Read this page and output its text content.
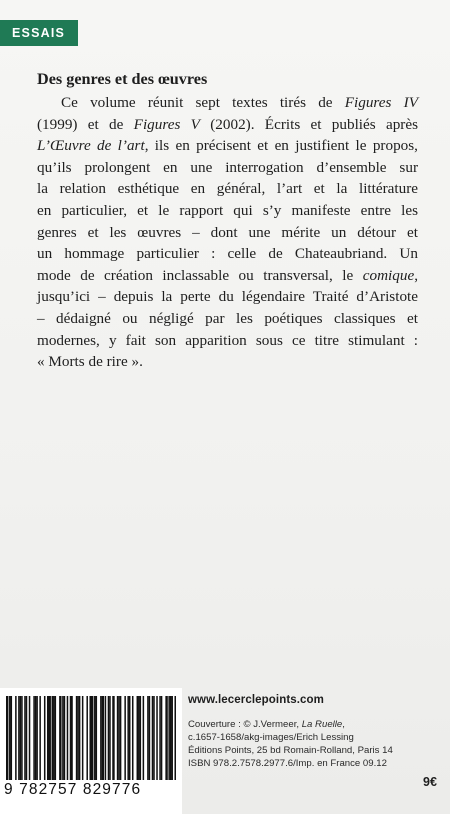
ESSAIS
Des genres et des œuvres
Ce volume réunit sept textes tirés de Figures IV
(1999) et de Figures V (2002). Écrits et publiés après
L’Œuvre de l’art, ils en précisent et en justifient le propos,
qu’ils prolongent en une interrogation d’ensemble sur
la relation esthétique en général, l’art et la littérature
en particulier, et le rapport qui s’y manifeste entre les
genres et les œuvres – dont une mérite un détour et
un hommage particulier : celle de Chateaubriand. Un
mode de création inclassable ou transversal, le comique,
jusqu’ici – depuis la perte du légendaire Traité d’Aristote
– dédaigné ou négligé par les poétiques classiques et
modernes, y fait son apparition sous ce titre stimulant :
« Morts de rire ».
9 782757 829776
www.lecerclepoints.com
Couverture : © J.Vermeer, La Ruelle,
c.1657-1658/akg-images/Erich Lessing
Éditions Points, 25 bd Romain-Rolland, Paris 14
ISBN 978.2.7578.2977.6/Imp. en France 09.12
9€
